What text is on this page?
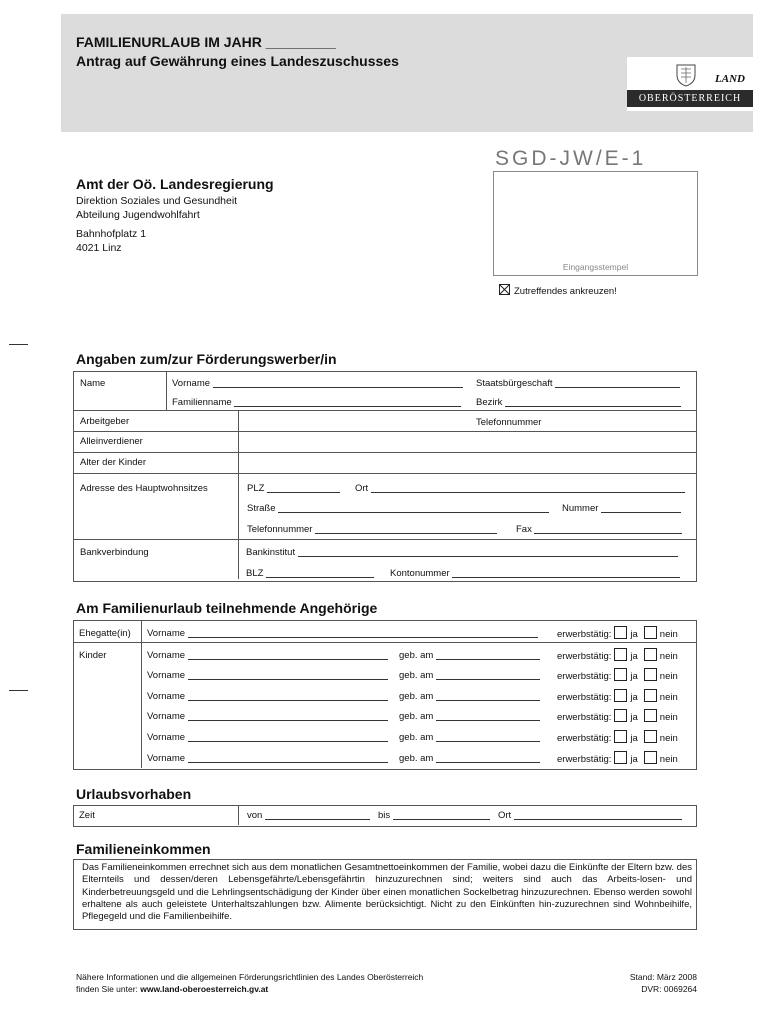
FAMILIENURLAUB IM JAHR _________
Antrag auf Gewährung eines Landeszuschusses
LAND
OBERÖSTERREICH
SGD-JW/E-1
Eingangsstempel
Zutreffendes ankreuzen!
Amt der Oö. Landesregierung
Direktion Soziales und Gesundheit
Abteilung Jugendwohlfahrt
Bahnhofplatz 1
4021 Linz
Angaben zum/zur Förderungswerber/in
Name	Vorname	Staatsbürgeschaft
Familienname	Bezirk
Arbeitgeber	Telefonnummer
Alleinverdiener
Alter der Kinder
Adresse des Hauptwohnsitzes	PLZ	Ort
Straße	Nummer
Telefonnummer	Fax
Bankverbindung	Bankinstitut
BLZ	Kontonummer
Am Familienurlaub teilnehmende Angehörige
Ehegatte(in) Vorname	erwerbstätig: ja nein
Kinder	Vorname	geb. am	erwerbstätig: ja nein
Vorname	geb. am	erwerbstätig: ja nein
Vorname	geb. am	erwerbstätig: ja nein
Vorname	geb. am	erwerbstätig: ja nein
Vorname	geb. am	erwerbstätig: ja nein
Vorname	geb. am	erwerbstätig: ja nein
Urlaubsvorhaben
Zeit	von	bis	Ort
Familieneinkommen
Das Familieneinkommen errechnet sich aus dem monatlichen Gesamtnettoeinkommen der Familie, wobei dazu die Einkünfte der Eltern bzw. des Elternteils und dessen/deren Lebensgefährte/Lebensgefährtin hinzuzurechnen sind; weiters sind auch das Arbeits-losen- und Kinderbetreuungsgeld und die Lehrlingsentschädigung der Kinder über einen monatlichen Sockelbetrag hinzuzurechnen. Ebenso werden sowohl erhaltene als auch geleistete Unterhaltszahlungen bzw. Alimente berücksichtigt. Nicht zu den Einkünften hin-zuzurechnen sind Wohnbeihilfe, Pflegegeld und die Familienbeihilfe.
Nähere Informationen und die allgemeinen Förderungsrichtlinien des Landes Oberösterreich
finden Sie unter: www.land-oberoesterreich.gv.at
Stand: März 2008
DVR: 0069264
